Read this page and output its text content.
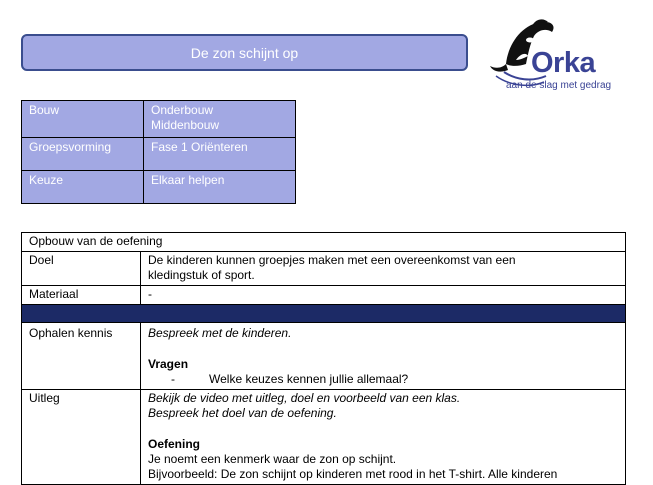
De zon schijnt op	Orka
aan de slag met gedrag
Bouw	Onderbouw
Middenbouw

Groepsvorming	Fase 1 Oriënteren
Keuze	Elkaar helpen
Opbouw van de oefening	
Doel	De kinderen kunnen groepjes maken met een overeenkomst van een
kledingstuk of sport.

Materiaal	-

Ophalen kennis	Bespreek met de kinderen.
Vragen
- Welke keuzes kennen jullie allemaal?

Uitleg	Bekijk de video met uitleg, doel en voorbeeld van een klas.
Bespreek het doel van de oefening.
Oefening
Je noemt een kenmerk waar de zon op schijnt.
Bijvoorbeeld: De zon schijnt op kinderen met rood in het T-shirt. Alle kinderen
